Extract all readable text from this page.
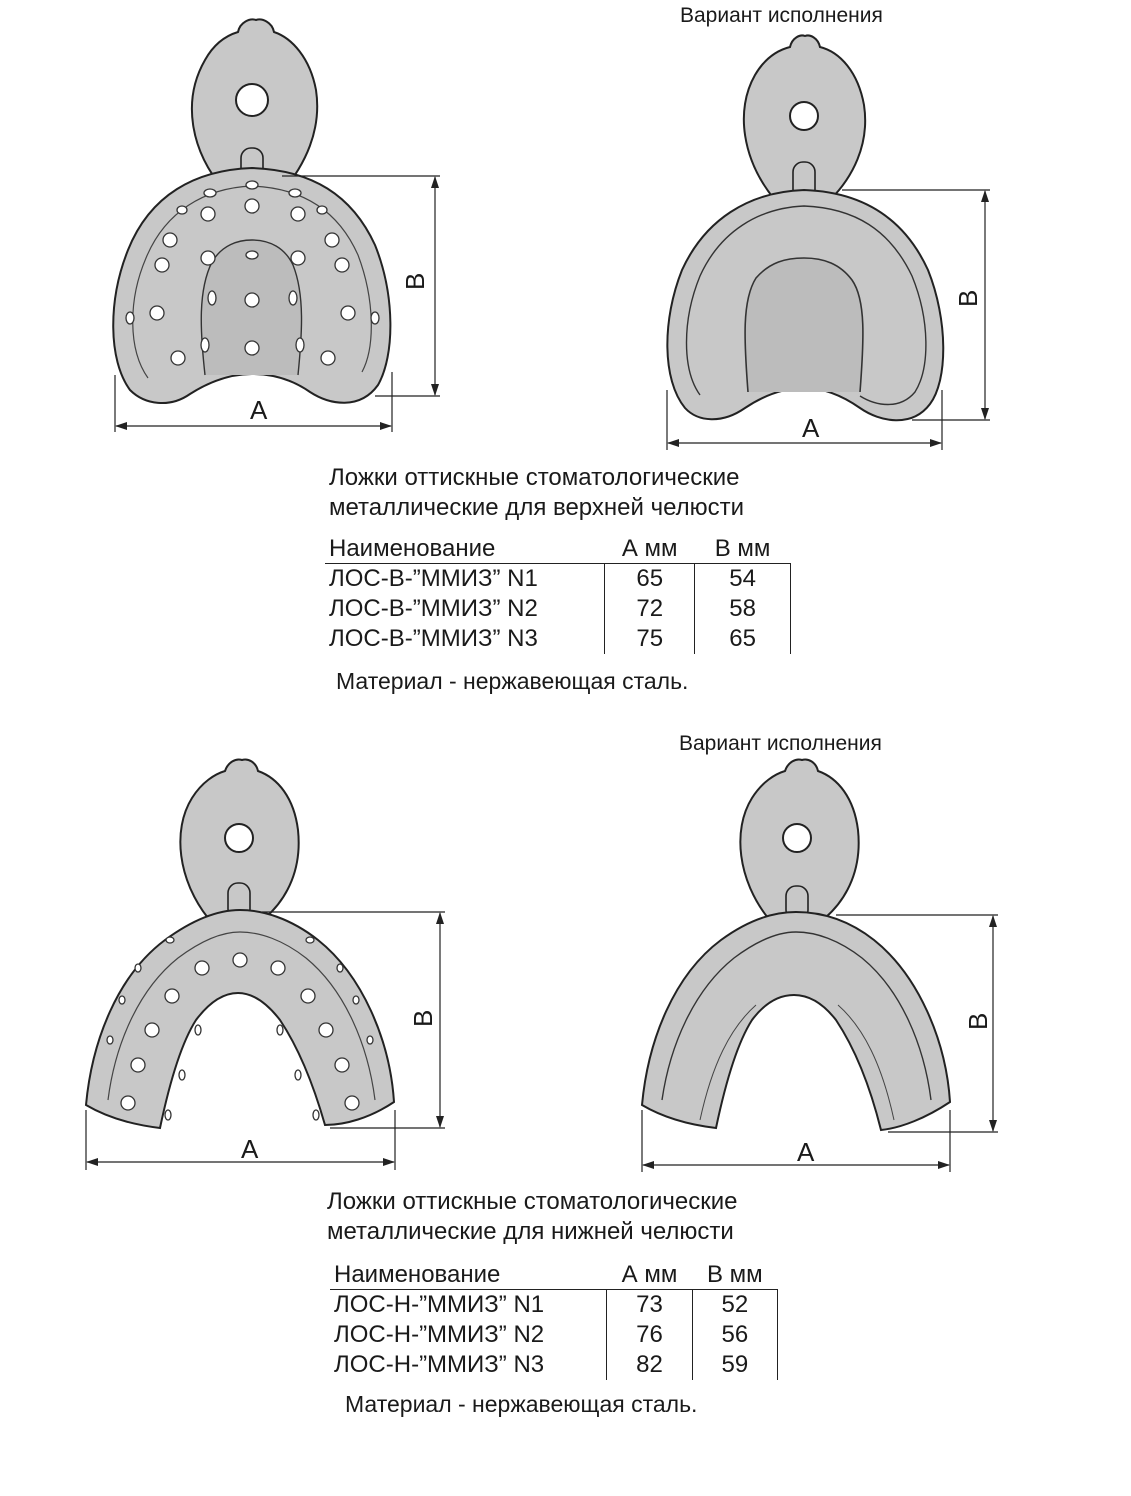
A
A
A	A
B
B
B	B
Вариант исполнения
Вариант исполнения
Ложки оттискные стоматологические
металлические для верхней челюсти
Наименование	А мм	В мм
ЛОС-В-”ММИЗ” N1	65	54
ЛОС-В-”ММИЗ” N2	72	58
ЛОС-В-”ММИЗ” N3	75	65
Материал - нержавеющая сталь.
Ложки оттискные стоматологические
металлические для нижней челюсти
Наименование	А мм	В мм
ЛОС-Н-”ММИЗ” N1	73	52
ЛОС-Н-”ММИЗ” N2	76	56
ЛОС-Н-”ММИЗ” N3	82	59
Материал - нержавеющая сталь.
